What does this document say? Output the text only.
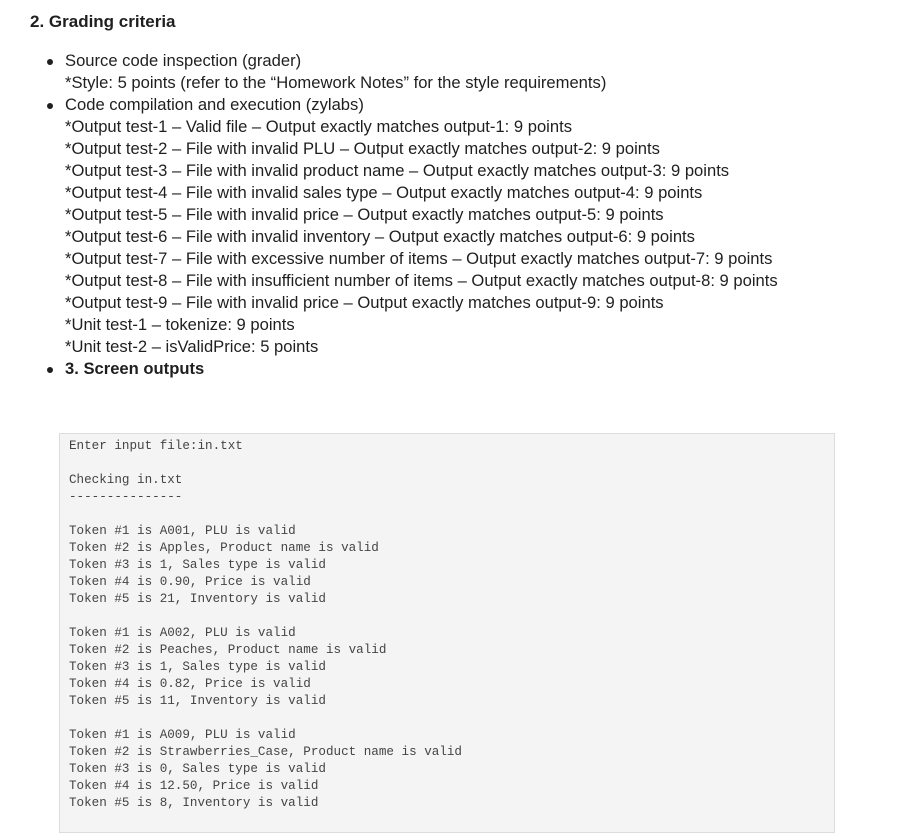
2. Grading criteria
Source code inspection (grader)
*Style: 5 points (refer to the “Homework Notes” for the style requirements)
Code compilation and execution (zylabs)
*Output test-1 – Valid file – Output exactly matches output-1: 9 points
*Output test-2 – File with invalid PLU – Output exactly matches output-2: 9 points
*Output test-3 – File with invalid product name – Output exactly matches output-3: 9 points
*Output test-4 – File with invalid sales type – Output exactly matches output-4: 9 points
*Output test-5 – File with invalid price – Output exactly matches output-5: 9 points
*Output test-6 – File with invalid inventory – Output exactly matches output-6: 9 points
*Output test-7 – File with excessive number of items – Output exactly matches output-7: 9 points
*Output test-8 – File with insufficient number of items – Output exactly matches output-8: 9 points
*Output test-9 – File with invalid price – Output exactly matches output-9: 9 points
*Unit test-1 – tokenize: 9 points
*Unit test-2 – isValidPrice: 5 points
3. Screen outputs
Enter input file:in.txt
Checking in.txt
---------------
Token #1 is A001, PLU is valid
Token #2 is Apples, Product name is valid
Token #3 is 1, Sales type is valid
Token #4 is 0.90, Price is valid
Token #5 is 21, Inventory is valid
Token #1 is A002, PLU is valid
Token #2 is Peaches, Product name is valid
Token #3 is 1, Sales type is valid
Token #4 is 0.82, Price is valid
Token #5 is 11, Inventory is valid
Token #1 is A009, PLU is valid
Token #2 is Strawberries_Case, Product name is valid
Token #3 is 0, Sales type is valid
Token #4 is 12.50, Price is valid
Token #5 is 8, Inventory is valid
